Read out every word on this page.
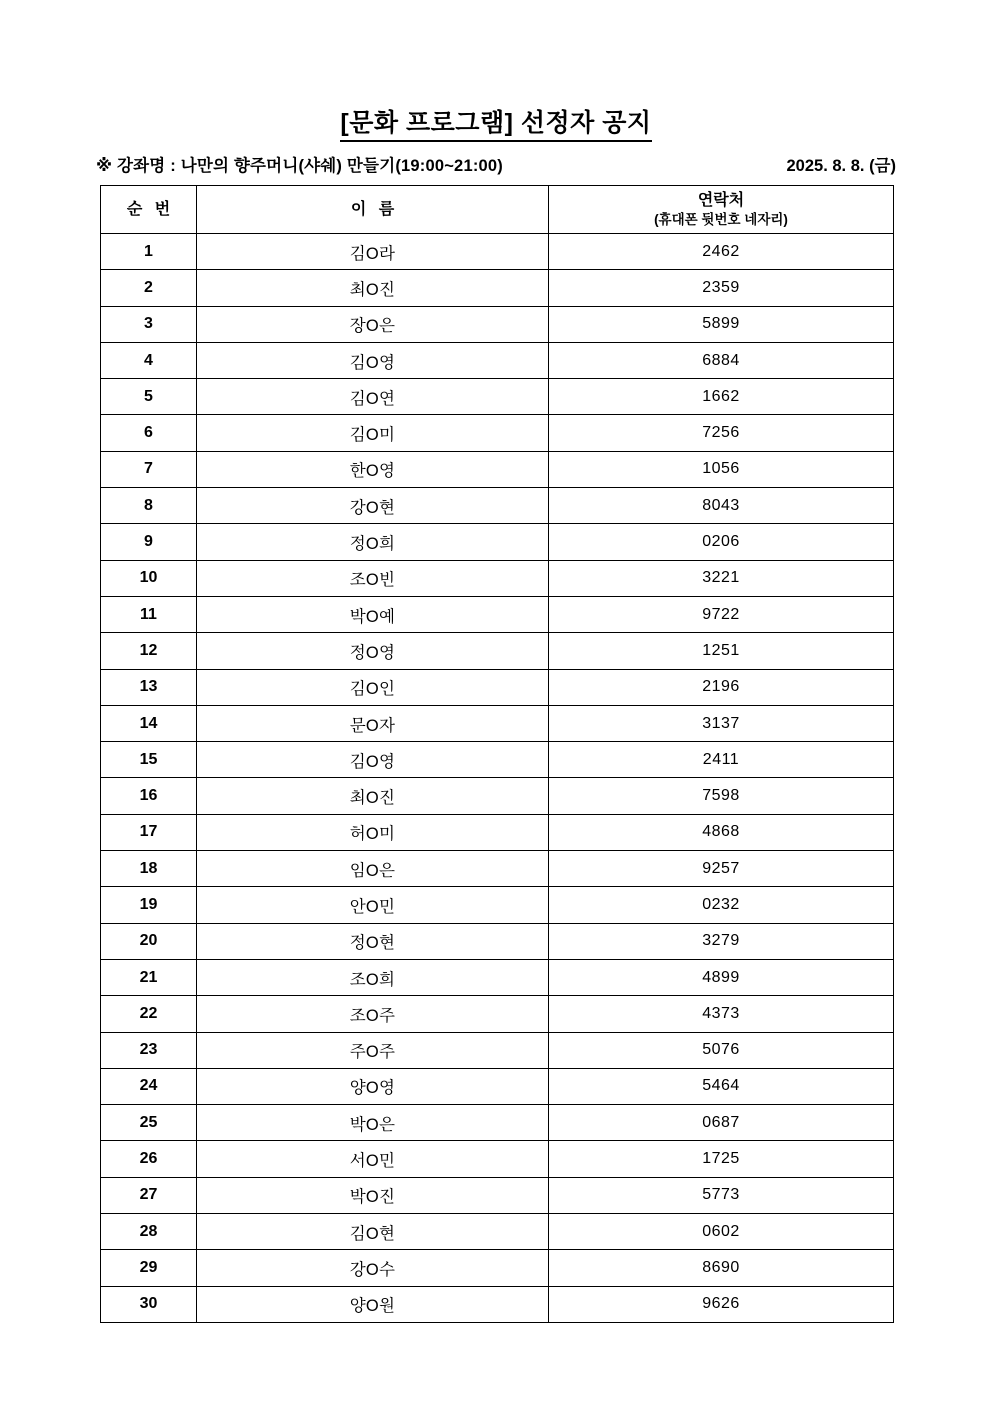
[문화 프로그램] 선정자 공지
※ 강좌명 : 나만의 향주머니(샤쉐) 만들기(19:00~21:00)	2025. 8. 8. (금)
순 번	이 름	연락처
(휴대폰 뒷번호 네자리)

1	김O라	2462
2	최O진	2359
3	장O은	5899
4	김O영	6884
5	김O연	1662
6	김O미	7256
7	한O영	1056
8	강O현	8043
9	정O희	0206
10	조O빈	3221
11	박O예	9722
12	정O영	1251
13	김O인	2196
14	문O자	3137
15	김O영	2411
16	최O진	7598
17	허O미	4868
18	임O은	9257
19	안O민	0232
20	정O현	3279
21	조O희	4899
22	조O주	4373
23	주O주	5076
24	양O영	5464
25	박O은	0687
26	서O민	1725
27	박O진	5773
28	김O현	0602
29	강O수	8690
30	양O원	9626
